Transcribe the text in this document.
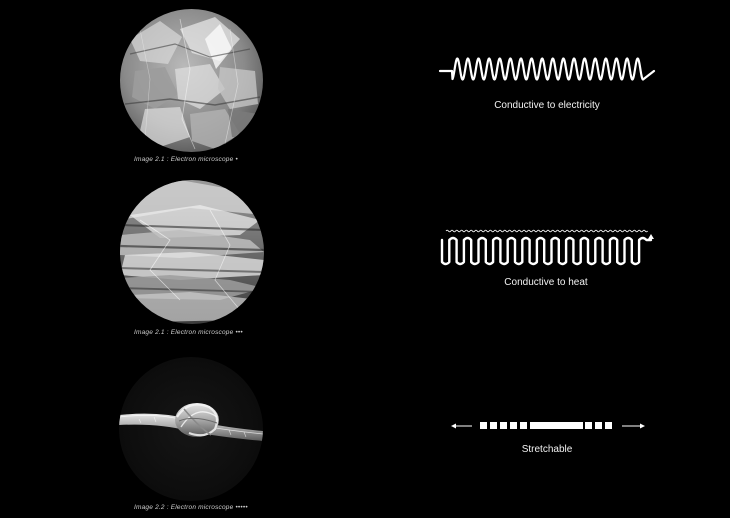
Image 2.1 : Electron microscope •
Image 2.1 : Electron microscope •••
Image 2.2 : Electron microscope •••••
Conductive to electricity
Conductive to heat
Stretchable
